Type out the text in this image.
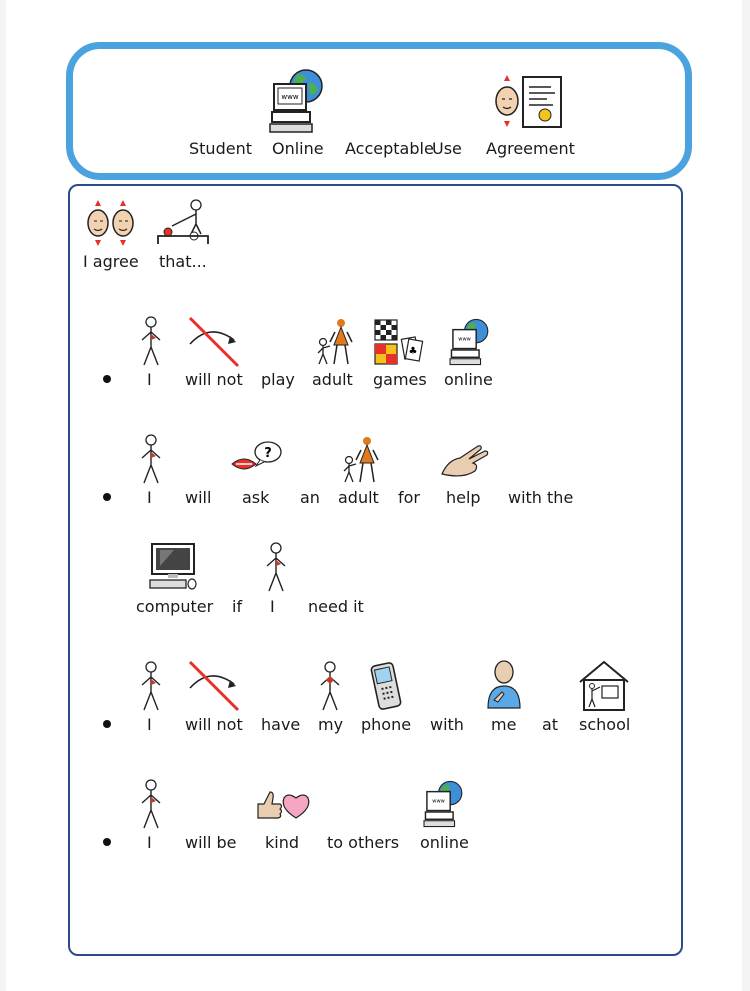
www
Student Online Acceptable
Use Agreement
I agree that...
♣
www
I will not play adult games online
?
I will ask an adult for help with the
computer if I need it
I will not have my phone with me at school
www
I will be kind to others online
